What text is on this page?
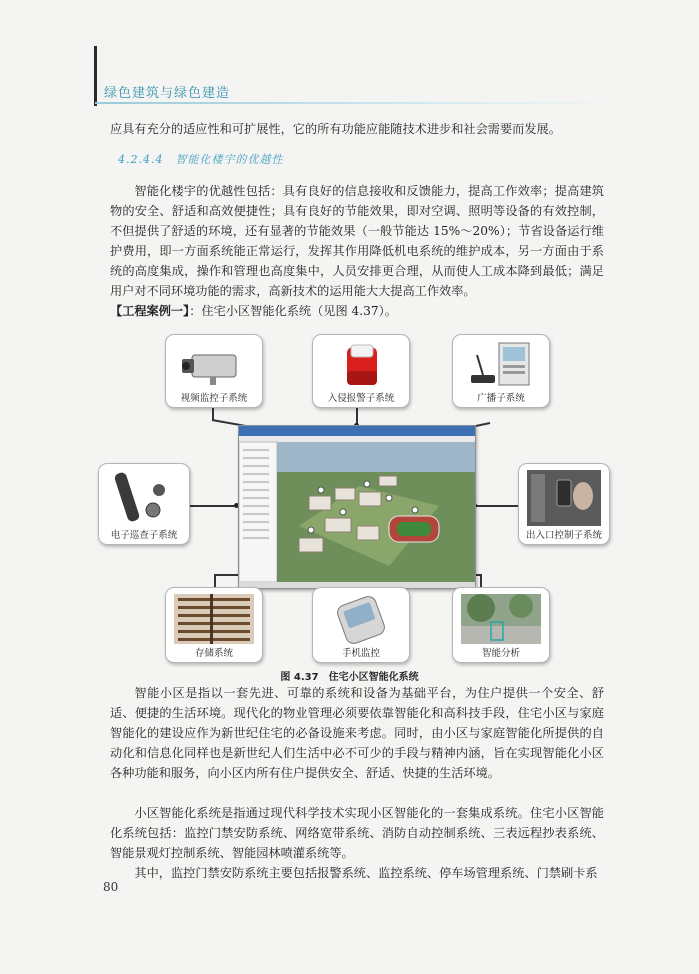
绿色建筑与绿色建造
应具有充分的适应性和可扩展性，它的所有功能应能随技术进步和社会需要而发展。
4.2.4.4　智能化楼宇的优越性
智能化楼宇的优越性包括：具有良好的信息接收和反馈能力，提高工作效率；提高建筑物的安全、舒适和高效便捷性；具有良好的节能效果，即对空调、照明等设备的有效控制，不但提供了舒适的环境，还有显著的节能效果（一般节能达 15%～20%）；节省设备运行维护费用，即一方面系统能正常运行，发挥其作用降低机电系统的维护成本，另一方面由于系统的高度集成，操作和管理也高度集中，人员安排更合理，从而使人工成本降到最低；满足用户对不同环境功能的需求，高新技术的运用能大大提高工作效率。
【工程案例一】：住宅小区智能化系统（见图 4.37）。
视频监控子系统	入侵报警子系统	广播子系统
电子巡查子系统	出入口控制子系统
存储系统	手机监控	智能分析
图 4.37　住宅小区智能化系统
智能小区是指以一套先进、可靠的系统和设备为基础平台，为住户提供一个安全、舒适、便捷的生活环境。现代化的物业管理必须要依靠智能化和高科技手段，住宅小区与家庭智能化的建设应作为新世纪住宅的必备设施来考虑。同时，由小区与家庭智能化所提供的自动化和信息化同样也是新世纪人们生活中必不可少的手段与精神内涵，旨在实现智能化小区各种功能和服务，向小区内所有住户提供安全、舒适、快捷的生活环境。
小区智能化系统是指通过现代科学技术实现小区智能化的一套集成系统。住宅小区智能化系统包括：监控门禁安防系统、网络宽带系统、消防自动控制系统、三表远程抄表系统、智能景观灯控制系统、智能园林喷灌系统等。
其中，监控门禁安防系统主要包括报警系统、监控系统、停车场管理系统、门禁刷卡系
80
